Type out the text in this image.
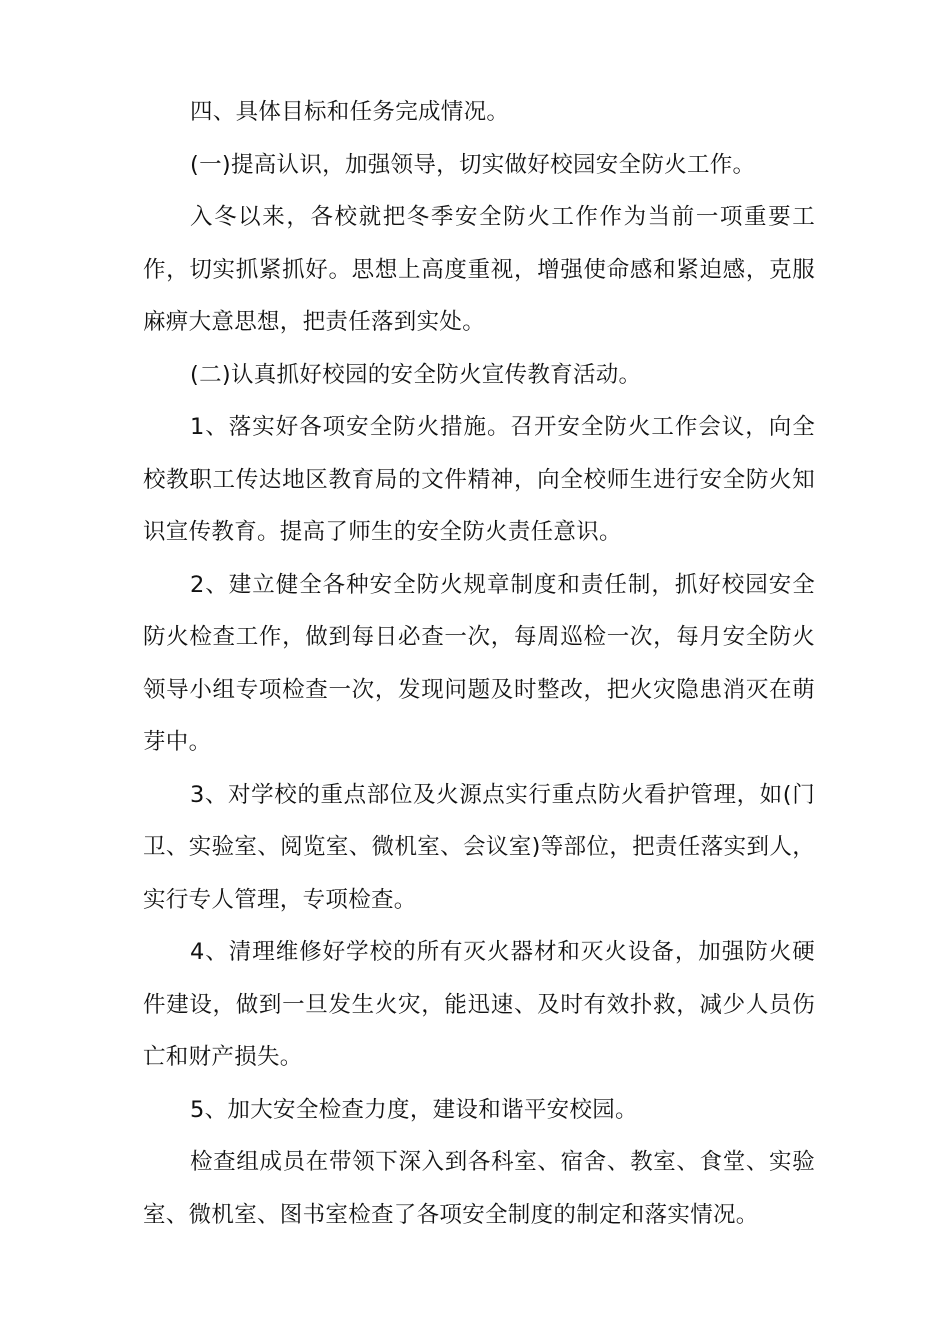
四、具体目标和任务完成情况。

(一)提高认识，加强领导，切实做好校园安全防火工作。

入冬以来，各校就把冬季安全防火工作作为当前一项重要工作，切实抓紧抓好。思想上高度重视，增强使命感和紧迫感，克服麻痹大意思想，把责任落到实处。

(二)认真抓好校园的安全防火宣传教育活动。

1、落实好各项安全防火措施。召开安全防火工作会议，向全校教职工传达地区教育局的文件精神，向全校师生进行安全防火知识宣传教育。提高了师生的安全防火责任意识。

2、建立健全各种安全防火规章制度和责任制，抓好校园安全防火检查工作，做到每日必查一次，每周巡检一次，每月安全防火领导小组专项检查一次，发现问题及时整改，把火灾隐患消灭在萌芽中。

3、对学校的重点部位及火源点实行重点防火看护管理，如(门卫、实验室、阅览室、微机室、会议室)等部位，把责任落实到人，实行专人管理，专项检查。

4、清理维修好学校的所有灭火器材和灭火设备，加强防火硬件建设，做到一旦发生火灾，能迅速、及时有效扑救，减少人员伤亡和财产损失。

5、加大安全检查力度，建设和谐平安校园。

检查组成员在带领下深入到各科室、宿舍、教室、食堂、实验室、微机室、图书室检查了各项安全制度的制定和落实情况。
